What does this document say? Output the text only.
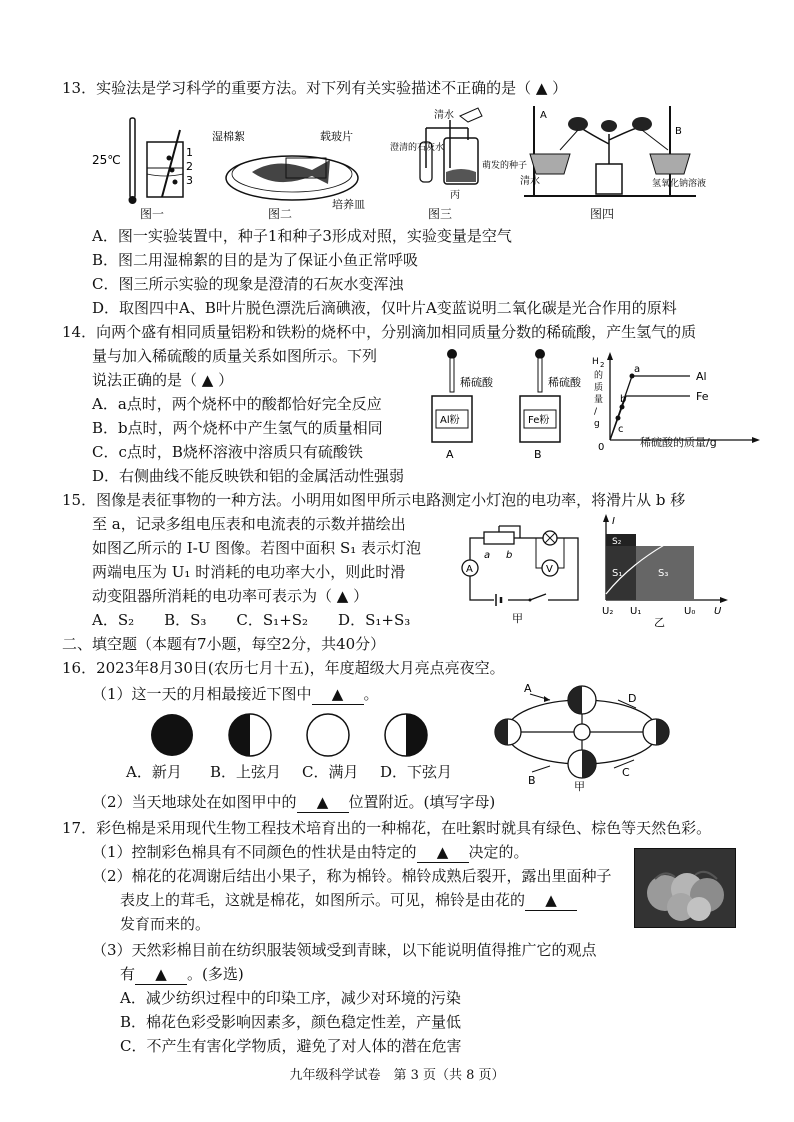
13．实验法是学习科学的重要方法。对下列有关实验描述不正确的是（ ▲ ）
25℃
1
2
3
图一
湿棉絮	载玻片
培养皿
图二
清水
澄清的石灰水
萌发的种子
丙
图三
A
B
清水	氢氧化钠溶液
图四
A．图一实验装置中，种子1和种子3形成对照，实验变量是空气
B．图二用湿棉絮的目的是为了保证小鱼正常呼吸
C．图三所示实验的现象是澄清的石灰水变浑浊
D．取图四中A、B叶片脱色漂洗后滴碘液，仅叶片A变蓝说明二氧化碳是光合作用的原料
14．向两个盛有相同质量铝粉和铁粉的烧杯中，分别滴加相同质量分数的稀硫酸，产生氢气的质
量与加入稀硫酸的质量关系如图所示。下列
说法正确的是（ ▲ ）
A．a点时，两个烧杯中的酸都恰好完全反应
B．b点时，两个烧杯中产生氢气的质量相同
C．c点时，B烧杯溶液中溶质只有硫酸铁
D．右侧曲线不能反映铁和铝的金属活动性强弱
稀硫酸
Al粉
A
稀硫酸
Fe粉
B
H 2
的
质
量
/
g
0
a
b
c
Al
Fe
稀硫酸的质量/g
15．图像是表征事物的一种方法。小明用如图甲所示电路测定小灯泡的电功率，将滑片从 b 移
至 a，记录多组电压表和电流表的示数并描绘出
如图乙所示的 I-U 图像。若图中面积 S₁ 表示灯泡
两端电压为 U₁ 时消耗的电功率大小，则此时滑
动变阻器所消耗的电功率可表示为（ ▲ ）
A．S₂　　B．S₃　　C．S₁+S₂　　D．S₁+S₃
A	V
a b
甲
I
S₂
S₁	S₃
U₂ U₁	U₀ U
乙
二、填空题（本题有7小题，每空2分，共40分）
16．2023年8月30日(农历七月十五)，年度超级大月亮点亮夜空。
（1）这一天的月相最接近下图中 ▲ 。
A．新月 B．上弦月 C．满月 D．下弦月
A
D
B
C
甲
（2）当天地球处在如图甲中的 ▲ 位置附近。(填写字母)
17．彩色棉是采用现代生物工程技术培育出的一种棉花，在吐絮时就具有绿色、棕色等天然色彩。
（1）控制彩色棉具有不同颜色的性状是由特定的 ▲ 决定的。
（2）棉花的花凋谢后结出小果子，称为棉铃。棉铃成熟后裂开，露出里面种子
表皮上的茸毛，这就是棉花，如图所示。可见，棉铃是由花的 ▲
发育而来的。
（3）天然彩棉目前在纺织服装领域受到青睐，以下能说明值得推广它的观点
有 ▲ 。(多选)
A．减少纺织过程中的印染工序，减少对环境的污染
B．棉花色彩受影响因素多，颜色稳定性差，产量低
C．不产生有害化学物质，避免了对人体的潜在危害
九年级科学试卷　第 3 页（共 8 页）
